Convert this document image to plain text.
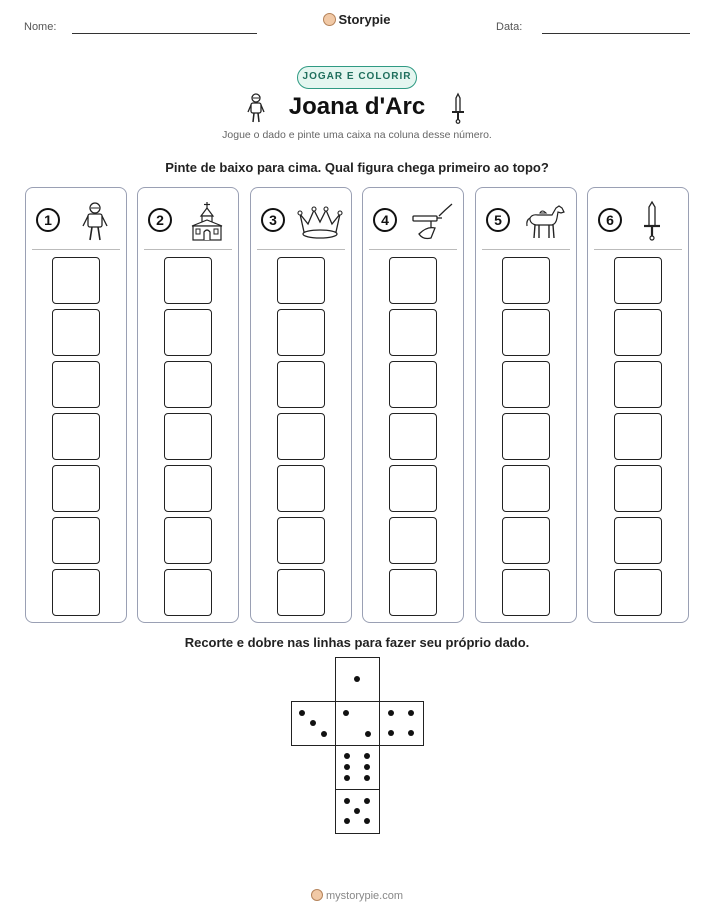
Nome:	Storypie	Data:
JOGAR E COLORIR
Joana d'Arc
Jogue o dado e pinte uma caixa na coluna desse número.
Pinte de baixo para cima. Qual figura chega primeiro ao topo?
1	2	3	4	5	6
Recorte e dobre nas linhas para fazer seu próprio dado.
mystorypie.com
